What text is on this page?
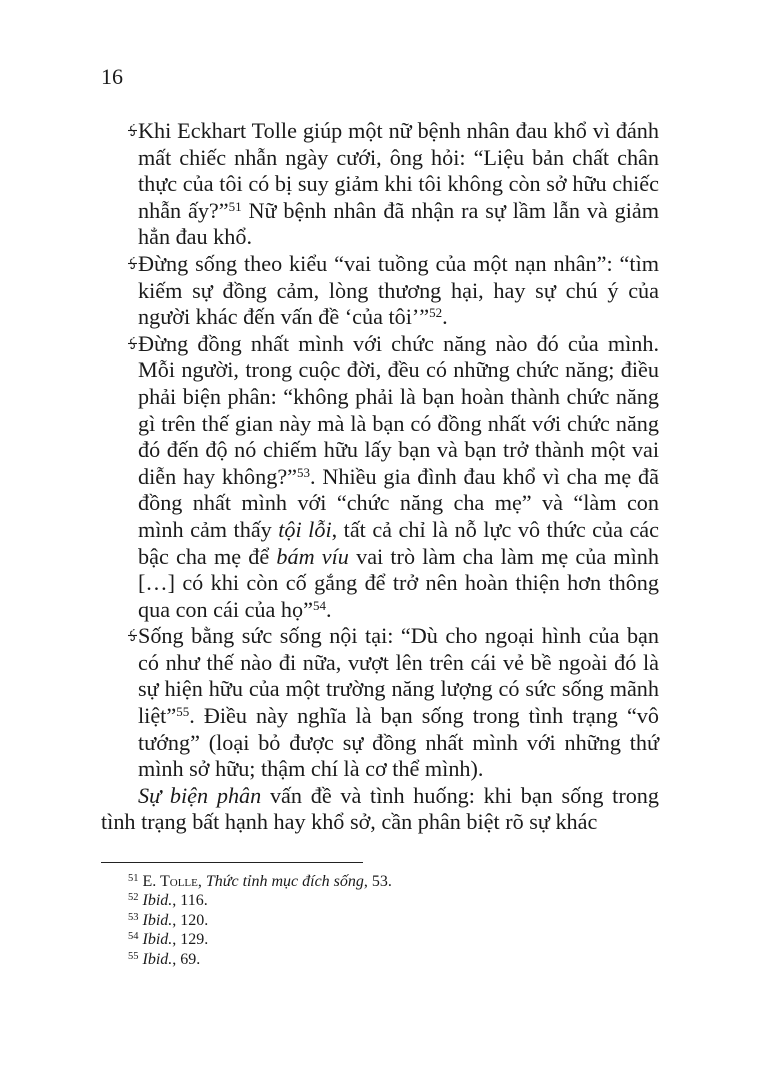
16
Khi Eckhart Tolle giúp một nữ bệnh nhân đau khổ vì đánh mất chiếc nhẫn ngày cưới, ông hỏi: “Liệu bản chất chân thực của tôi có bị suy giảm khi tôi không còn sở hữu chiếc nhẫn ấy?”$^{51}$ Nữ bệnh nhân đã nhận ra sự lầm lẫn và giảm hẳn đau khổ.
Đừng sống theo kiểu “vai tuồng của một nạn nhân”: “tìm kiếm sự đồng cảm, lòng thương hại, hay sự chú ý của người khác đến vấn đề ‘của tôi’”$^{52}$.
Đừng đồng nhất mình với chức năng nào đó của mình. Mỗi người, trong cuộc đời, đều có những chức năng; điều phải biện phân: “không phải là bạn hoàn thành chức năng gì trên thế gian này mà là bạn có đồng nhất với chức năng đó đến độ nó chiếm hữu lấy bạn và bạn trở thành một vai diễn hay không?”$^{53}$. Nhiều gia đình đau khổ vì cha mẹ đã đồng nhất mình với “chức năng cha mẹ” và “làm con mình cảm thấy tội lỗi, tất cả chỉ là nỗ lực vô thức của các bậc cha mẹ để bám víu vai trò làm cha làm mẹ của mình […] có khi còn cố gắng để trở nên hoàn thiện hơn thông qua con cái của họ”$^{54}$.
Sống bằng sức sống nội tại: “Dù cho ngoại hình của bạn có như thế nào đi nữa, vượt lên trên cái vẻ bề ngoài đó là sự hiện hữu của một trường năng lượng có sức sống mãnh liệt”$^{55}$. Điều này nghĩa là bạn sống trong tình trạng “vô tướng” (loại bỏ được sự đồng nhất mình với những thứ mình sở hữu; thậm chí là cơ thể mình).

Sự biện phân vấn đề và tình huống: khi bạn sống trong tình trạng bất hạnh hay khổ sở, cần phân biệt rõ sự khác

$^{51}$ E. Tolle, Thức tỉnh mục đích sống, 53.

$^{52}$ Ibid., 116.

$^{53}$ Ibid., 120.

$^{54}$ Ibid., 129.

$^{55}$ Ibid., 69.
